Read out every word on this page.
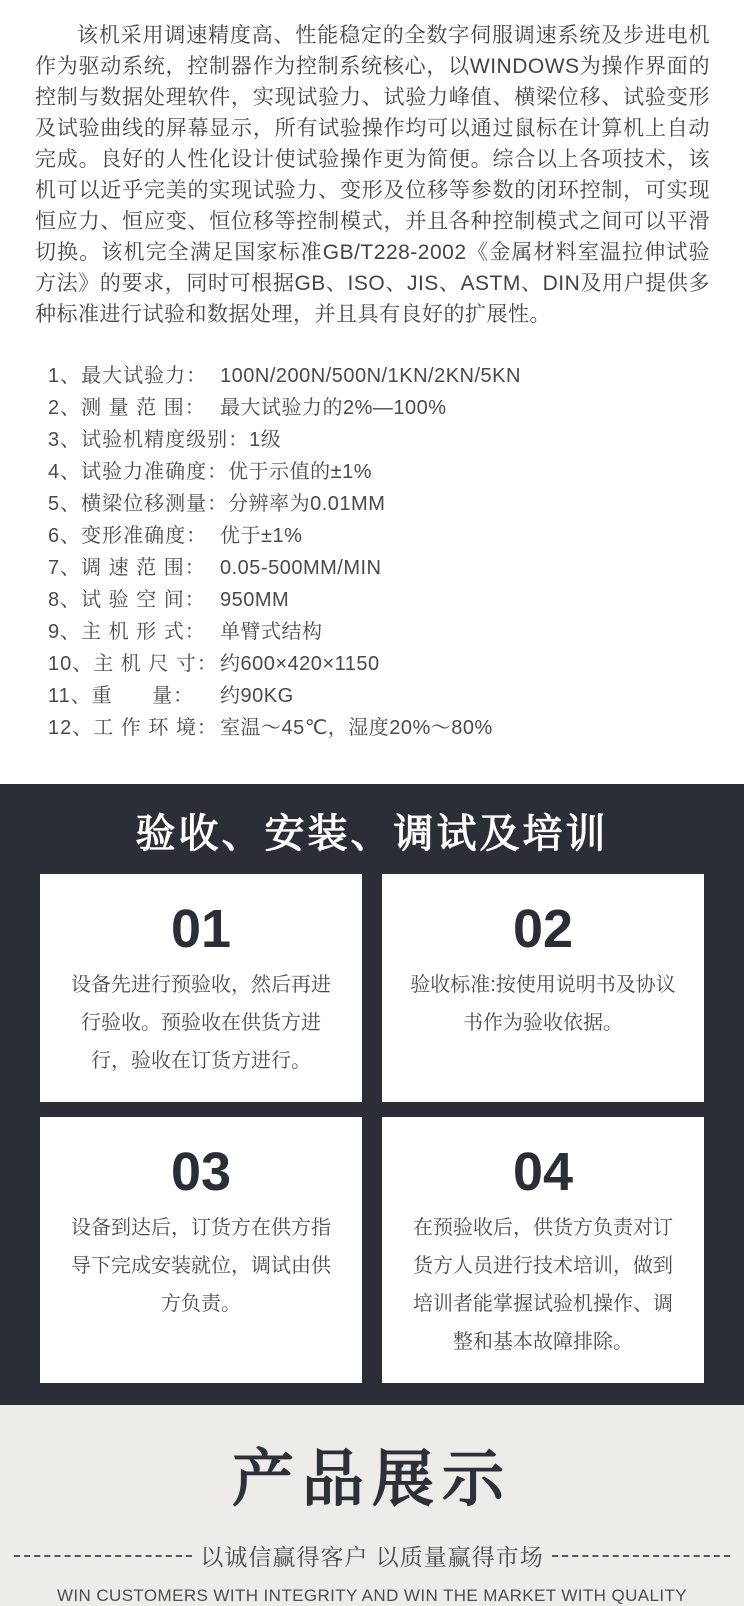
该机采用调速精度高、性能稳定的全数字伺服调速系统及步进电机作为驱动系统，控制器作为控制系统核心，以WINDOWS为操作界面的控制与数据处理软件，实现试验力、试验力峰值、横梁位移、试验变形及试验曲线的屏幕显示，所有试验操作均可以通过鼠标在计算机上自动完成。良好的人性化设计使试验操作更为简便。综合以上各项技术，该机可以近乎完美的实现试验力、变形及位移等参数的闭环控制，可实现恒应力、恒应变、恒位移等控制模式，并且各种控制模式之间可以平滑切换。该机完全满足国家标准GB/T228-2002《金属材料室温拉伸试验方法》的要求，同时可根据GB、ISO、JIS、ASTM、DIN及用户提供多种标准进行试验和数据处理，并且具有良好的扩展性。

1、最大试验力： 100N/200N/500N/1KN/2KN/5KN
2、测 量 范 围： 最大试验力的2%—100%
3、试验机精度级别： 1级
4、试验力准确度： 优于示值的±1%
5、横梁位移测量： 分辨率为0.01MM
6、变形准确度： 优于±1%
7、调 速 范 围： 0.05-500MM/MIN
8、试 验 空 间： 950MM
9、主 机 形 式： 单臂式结构
10、主 机 尺 寸： 约600×420×1150
11、重      量：	约90KG
12、工 作 环 境： 室温～45℃，湿度20%～80%
验收、安装、调试及培训
01

设备先进行预验收，然后再进行验收。预验收在供货方进行，验收在订货方进行。

02

验收标准:按使用说明书及协议书作为验收依据。

03

设备到达后，订货方在供方指导下完成安装就位，调试由供方负责。

04

在预验收后，供货方负责对订货方人员进行技术培训，做到培训者能掌握试验机操作、调整和基本故障排除。

产品展示
以诚信赢得客户 以质量赢得市场
WIN CUSTOMERS WITH INTEGRITY AND WIN THE MARKET WITH QUALITY
